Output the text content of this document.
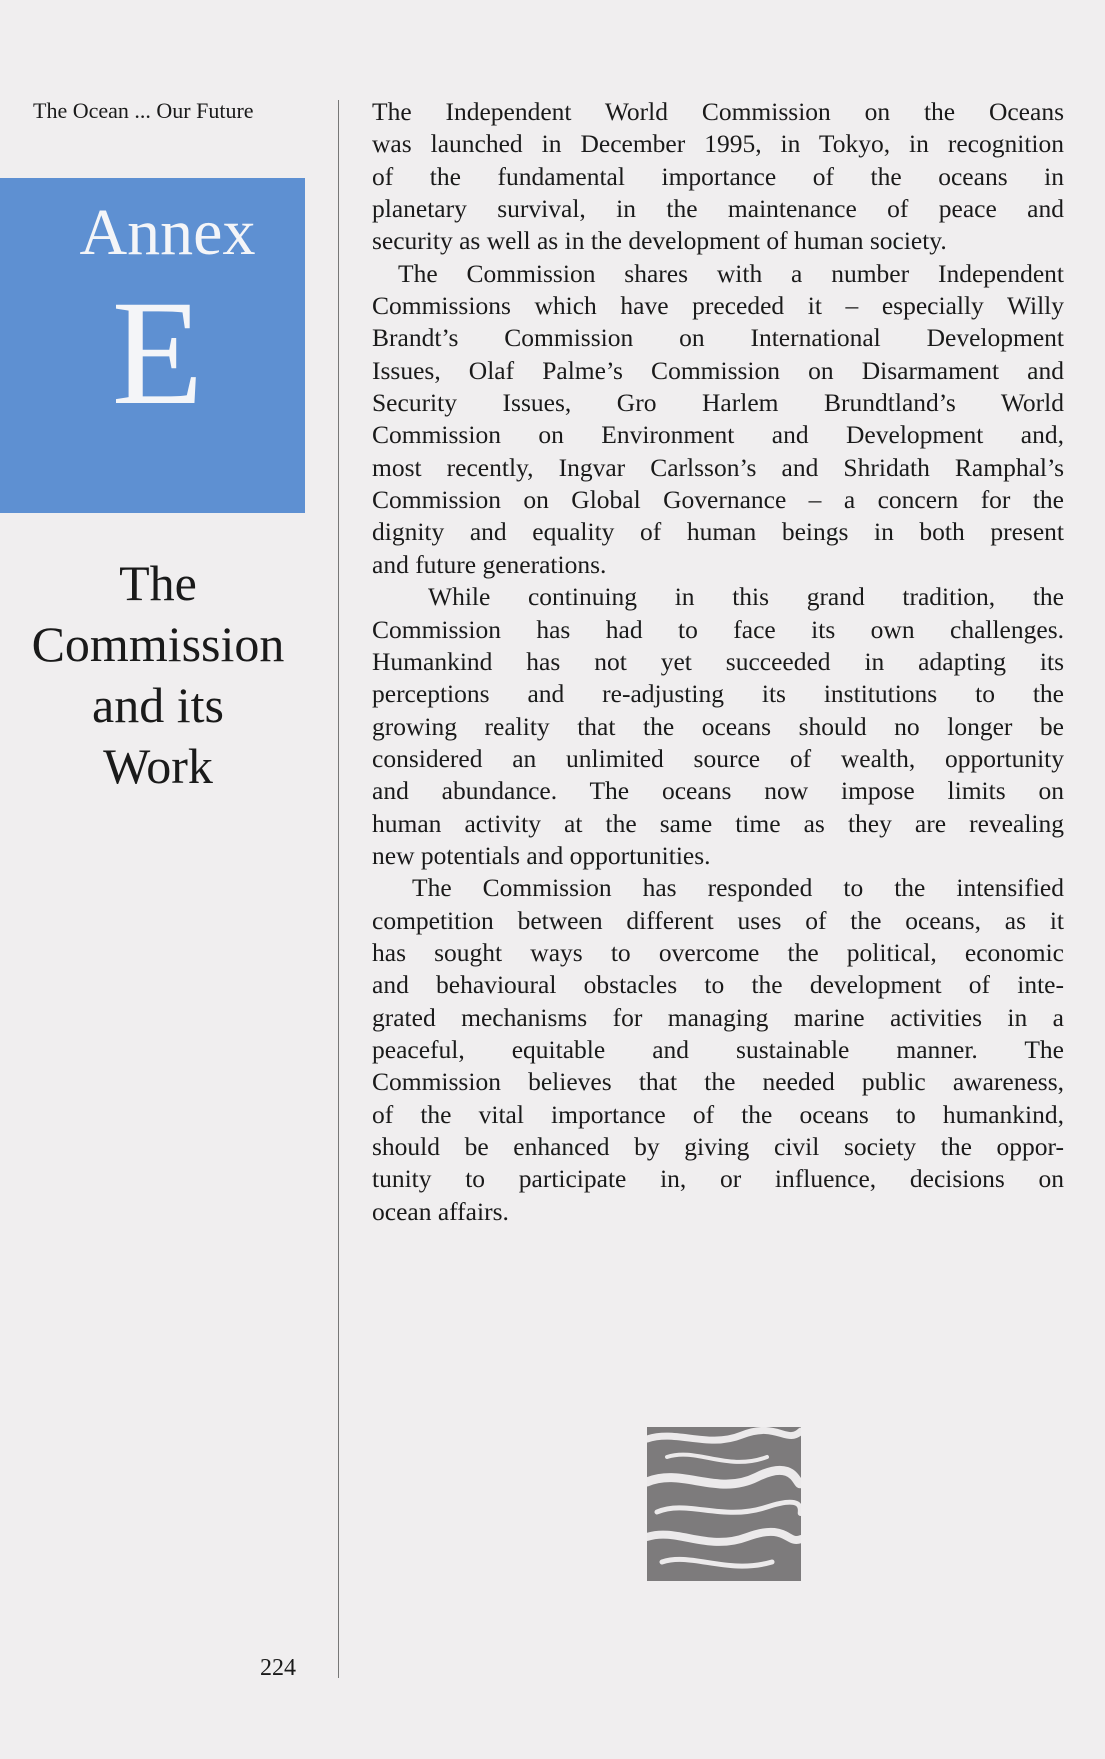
The Ocean ... Our Future
Annex
E
The
Commission
and its
Work
The Independent World Commission on the Oceans
was launched in December 1995, in Tokyo, in recognition
of the fundamental importance of the oceans in
planetary survival, in the maintenance of peace and
security as well as in the development of human society.
The Commission shares with a number Independent
Commissions which have preceded it – especially Willy
Brandt’s Commission on International Development
Issues, Olaf Palme’s Commission on Disarmament and
Security Issues, Gro Harlem Brundtland’s World
Commission on Environment and Development and,
most recently, Ingvar Carlsson’s and Shridath Ramphal’s
Commission on Global Governance – a concern for the
dignity and equality of human beings in both present
and future generations.
While continuing in this grand tradition, the
Commission has had to face its own challenges.
Humankind has not yet succeeded in adapting its
perceptions and re-adjusting its institutions to the
growing reality that the oceans should no longer be
considered an unlimited source of wealth, opportunity
and abundance. The oceans now impose limits on
human activity at the same time as they are revealing
new potentials and opportunities.
The Commission has responded to the intensified
competition between different uses of the oceans, as it
has sought ways to overcome the political, economic
and behavioural obstacles to the development of inte-
grated mechanisms for managing marine activities in a
peaceful, equitable and sustainable manner. The
Commission believes that the needed public awareness,
of the vital importance of the oceans to humankind,
should be enhanced by giving civil society the oppor-
tunity to participate in, or influence, decisions on
ocean affairs.
224
